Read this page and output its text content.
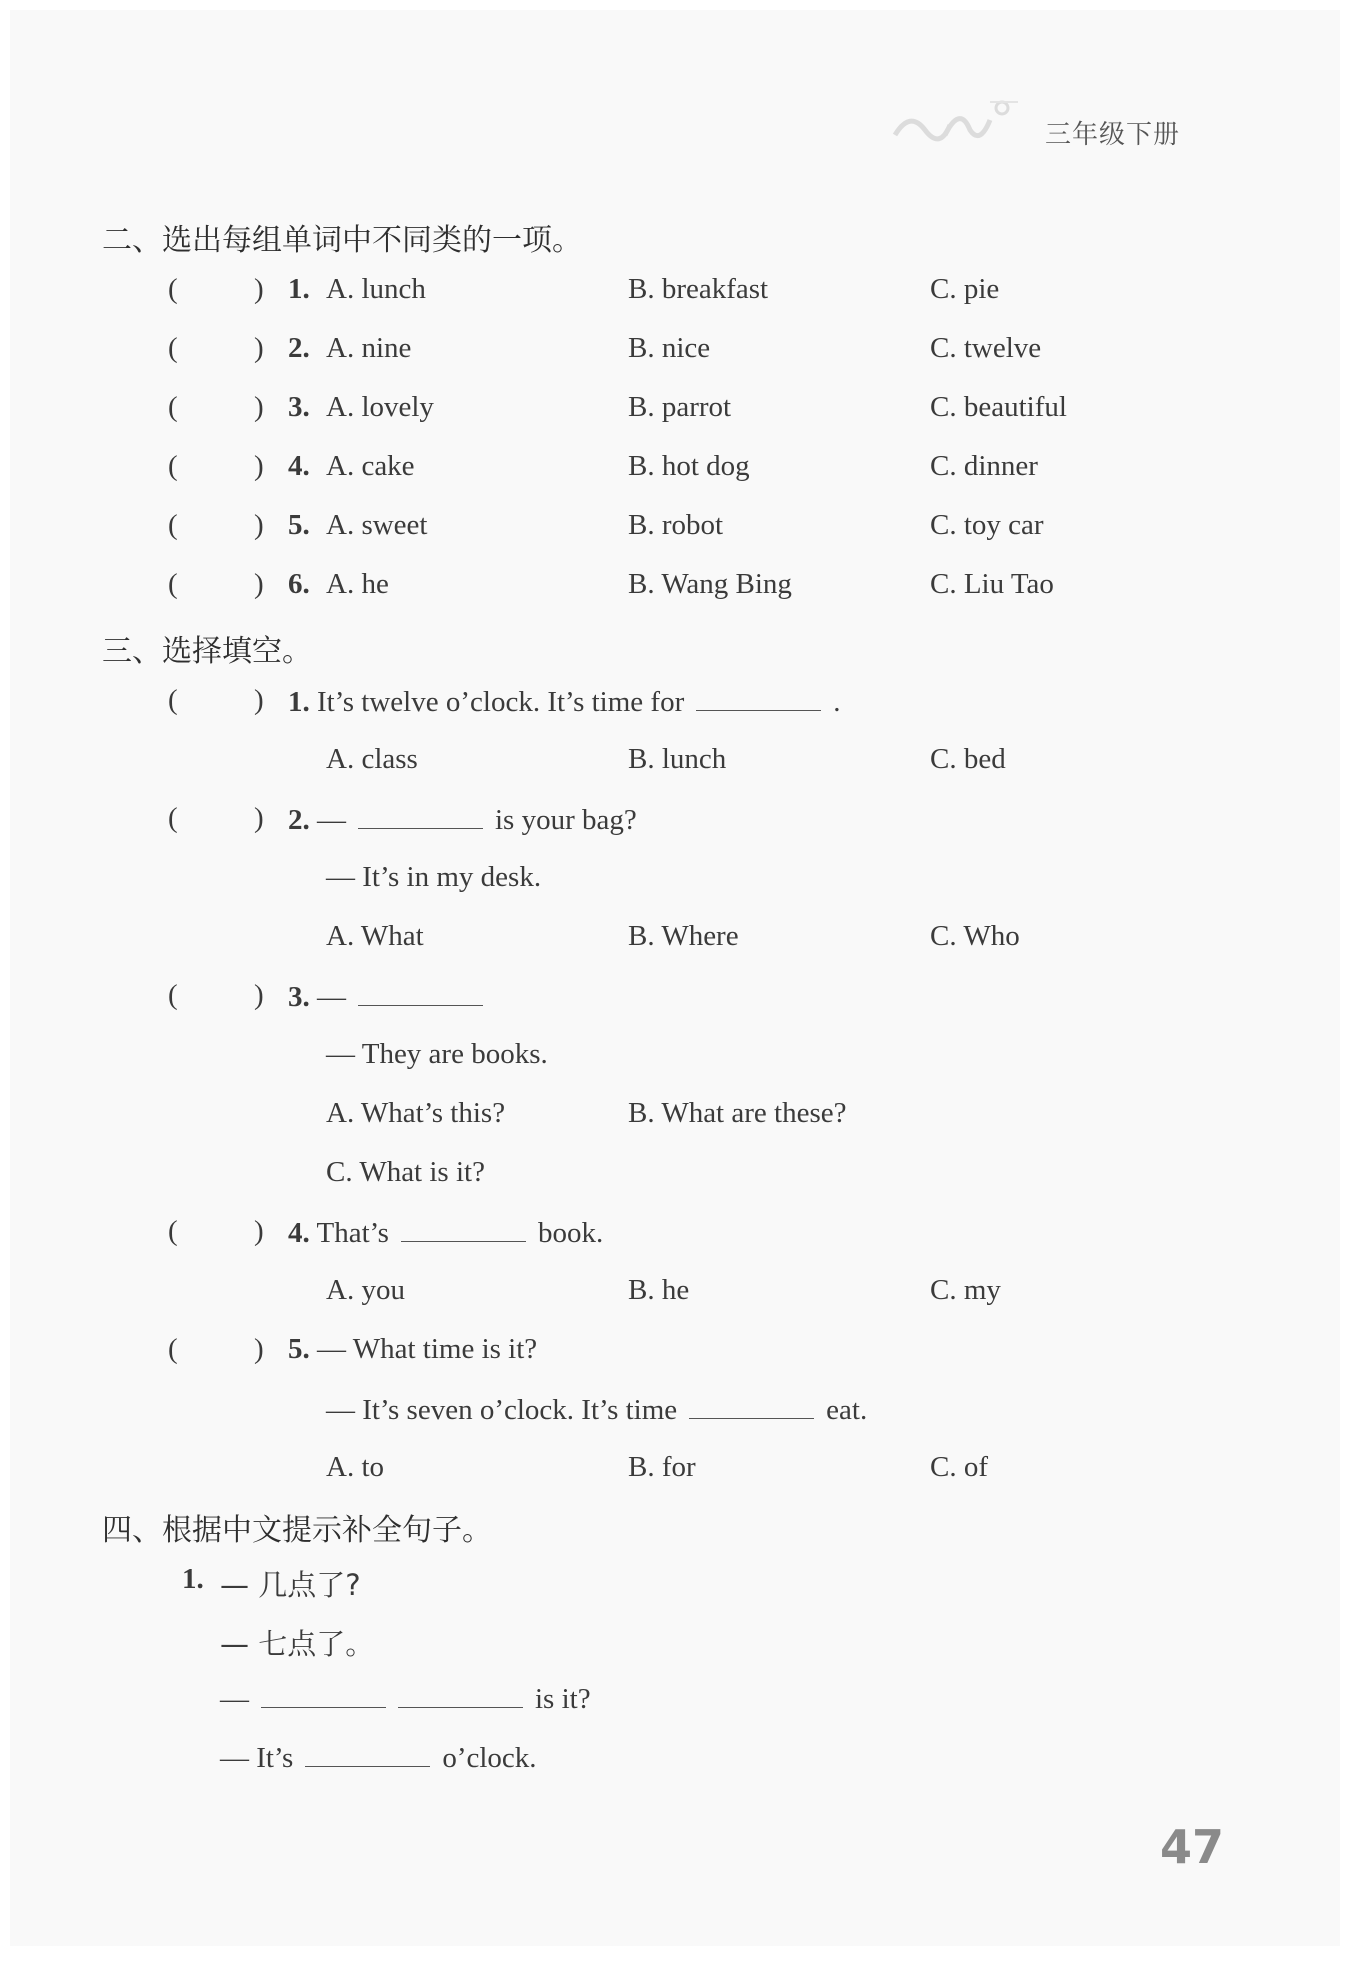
三年级下册
二、选出每组单词中不同类的一项。
(	) 1. A. lunch	B. breakfast	C. pie
(	) 2. A. nine	B. nice	C. twelve
(	) 3. A. lovely	B. parrot	C. beautiful
(	) 4. A. cake	B. hot dog	C. dinner
(	) 5. A. sweet	B. robot	C. toy car
(	) 6. A. he	B. Wang Bing	C. Liu Tao
三、选择填空。
(	) 1. It’s twelve o’clock. It’s time for	.
A. class	B. lunch	C. bed
(	) 2. —	is your bag?
— It’s in my desk.
A. What	B. Where	C. Who
(	) 3. —
— They are books.
A. What’s this?	B. What are these?
C. What is it?
(	) 4. That’s	book.
A. you	B. he	C. my
(	) 5. — What time is it?
— It’s seven o’clock. It’s time	eat.
A. to	B. for	C. of
四、根据中文提示补全句子。
1. — 几点了?
— 七点了。
—	is it?
— It’s	o’clock.
47
